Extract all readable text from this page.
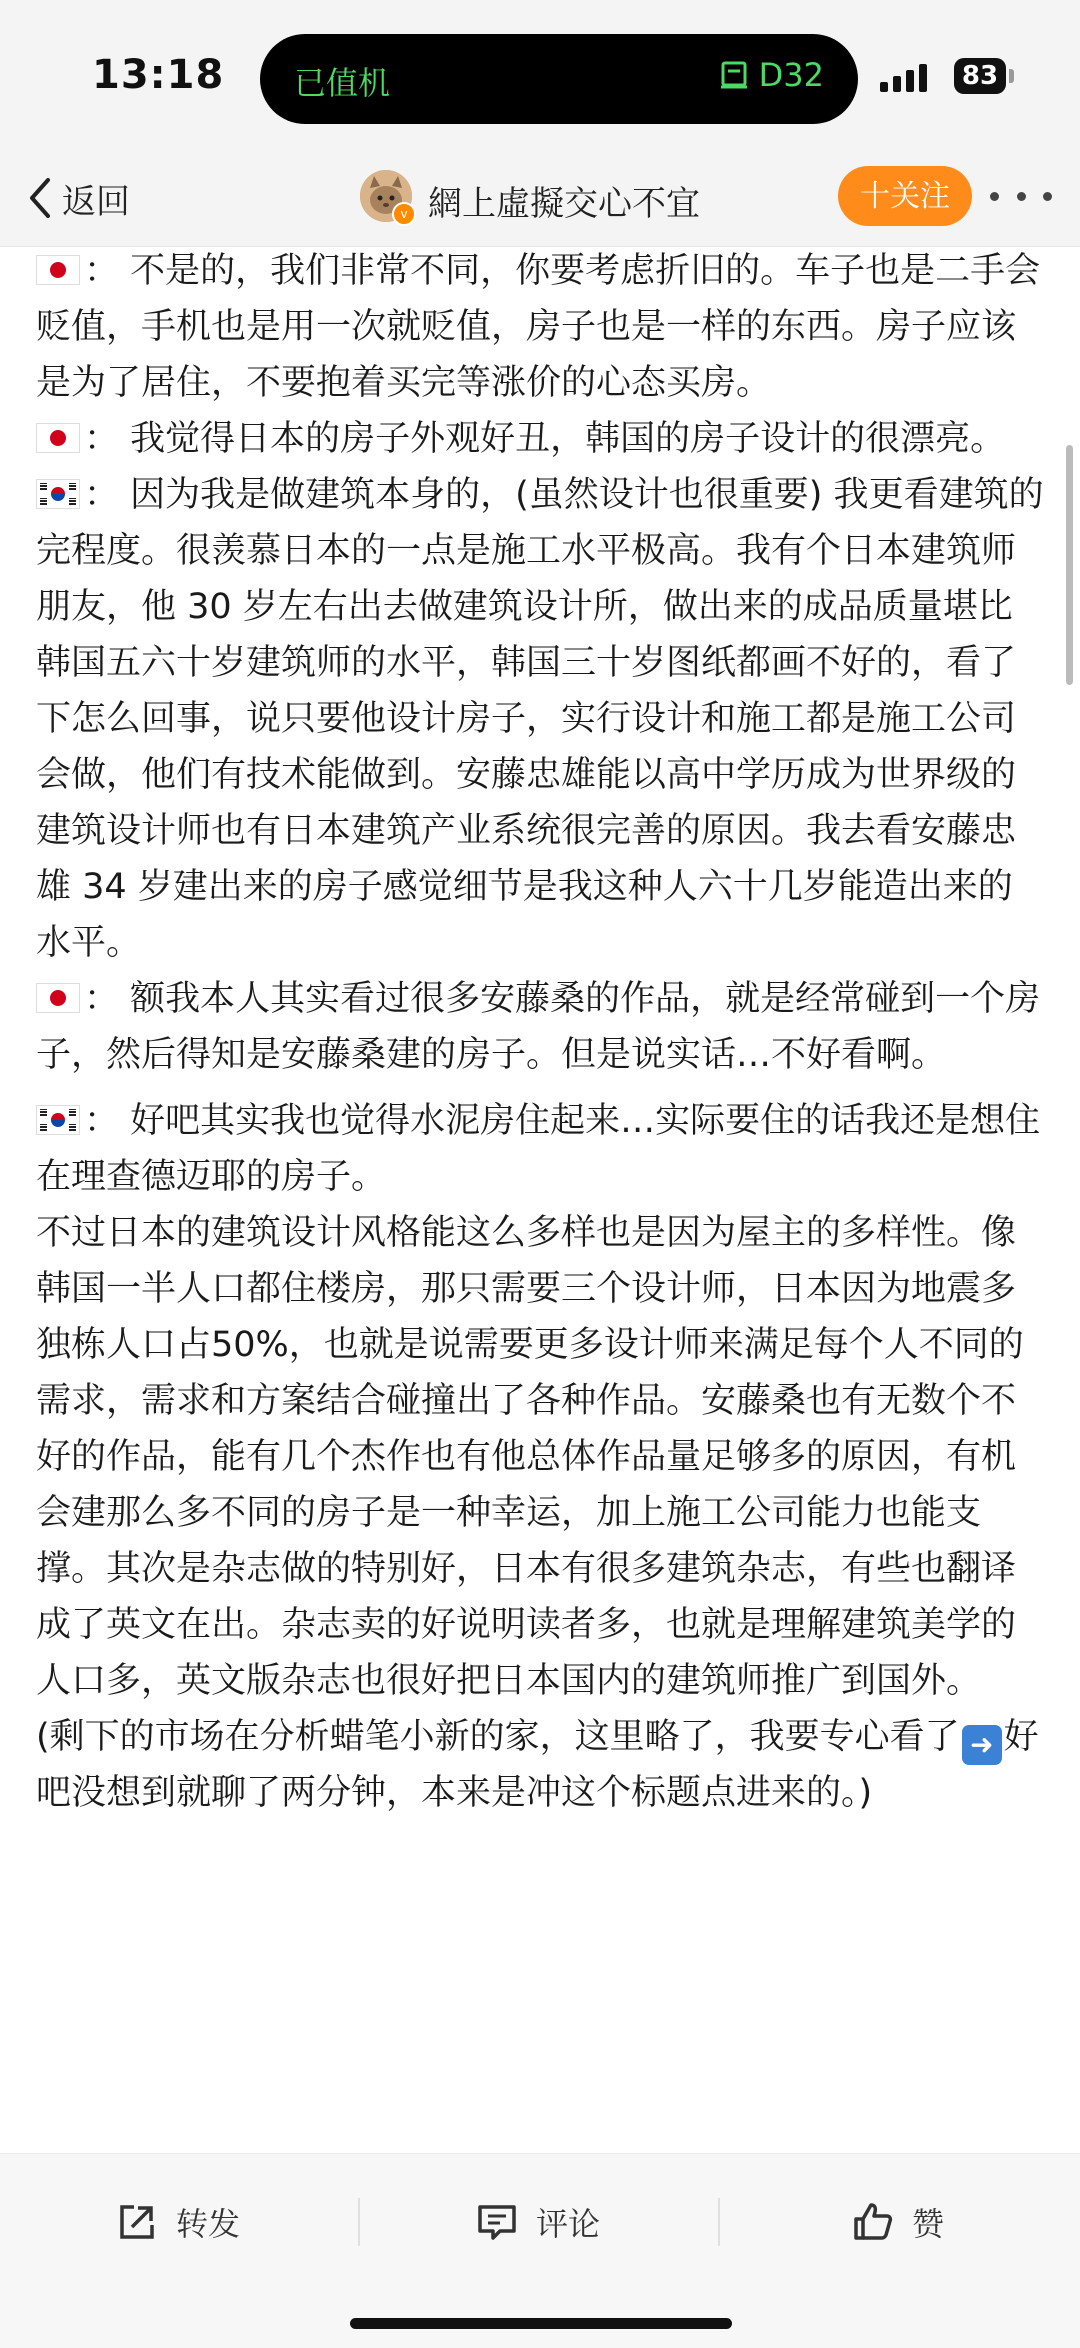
13:18 已值机	D32	83
返回	v 網上虛擬交心不宜	十关注

： 不是的，我们非常不同，你要考虑折旧的。车子也是二手会贬值，手机也是用一次就贬值，房子也是一样的东西。房子应该是为了居住，不要抱着买完等涨价的心态买房。

： 我觉得日本的房子外观好丑，韩国的房子设计的很漂亮。

： 因为我是做建筑本身的，(虽然设计也很重要) 我更看建筑的完程度。很羡慕日本的一点是施工水平极高。我有个日本建筑师朋友，他 30 岁左右出去做建筑设计所，做出来的成品质量堪比韩国五六十岁建筑师的水平，韩国三十岁图纸都画不好的，看了下怎么回事，说只要他设计房子，实行设计和施工都是施工公司会做，他们有技术能做到。安藤忠雄能以高中学历成为世界级的建筑设计师也有日本建筑产业系统很完善的原因。我去看安藤忠雄 34 岁建出来的房子感觉细节是我这种人六十几岁能造出来的水平。

： 额我本人其实看过很多安藤桑的作品，就是经常碰到一个房子，然后得知是安藤桑建的房子。但是说实话…不好看啊。

： 好吧其实我也觉得水泥房住起来…实际要住的话我还是想住在理查德迈耶的房子。

不过日本的建筑设计风格能这么多样也是因为屋主的多样性。像韩国一半人口都住楼房，那只需要三个设计师，日本因为地震多独栋人口占50%，也就是说需要更多设计师来满足每个人不同的需求，需求和方案结合碰撞出了各种作品。安藤桑也有无数个不好的作品，能有几个杰作也有他总体作品量足够多的原因，有机会建那么多不同的房子是一种幸运，加上施工公司能力也能支撑。其次是杂志做的特别好，日本有很多建筑杂志，有些也翻译成了英文在出。杂志卖的好说明读者多，也就是理解建筑美学的人口多，英文版杂志也很好把日本国内的建筑师推广到国外。

(剩下的市场在分析蜡笔小新的家，这里略了，我要专心看了 ➜ 好吧没想到就聊了两分钟，本来是冲这个标题点进来的。)

转发	评论	赞
